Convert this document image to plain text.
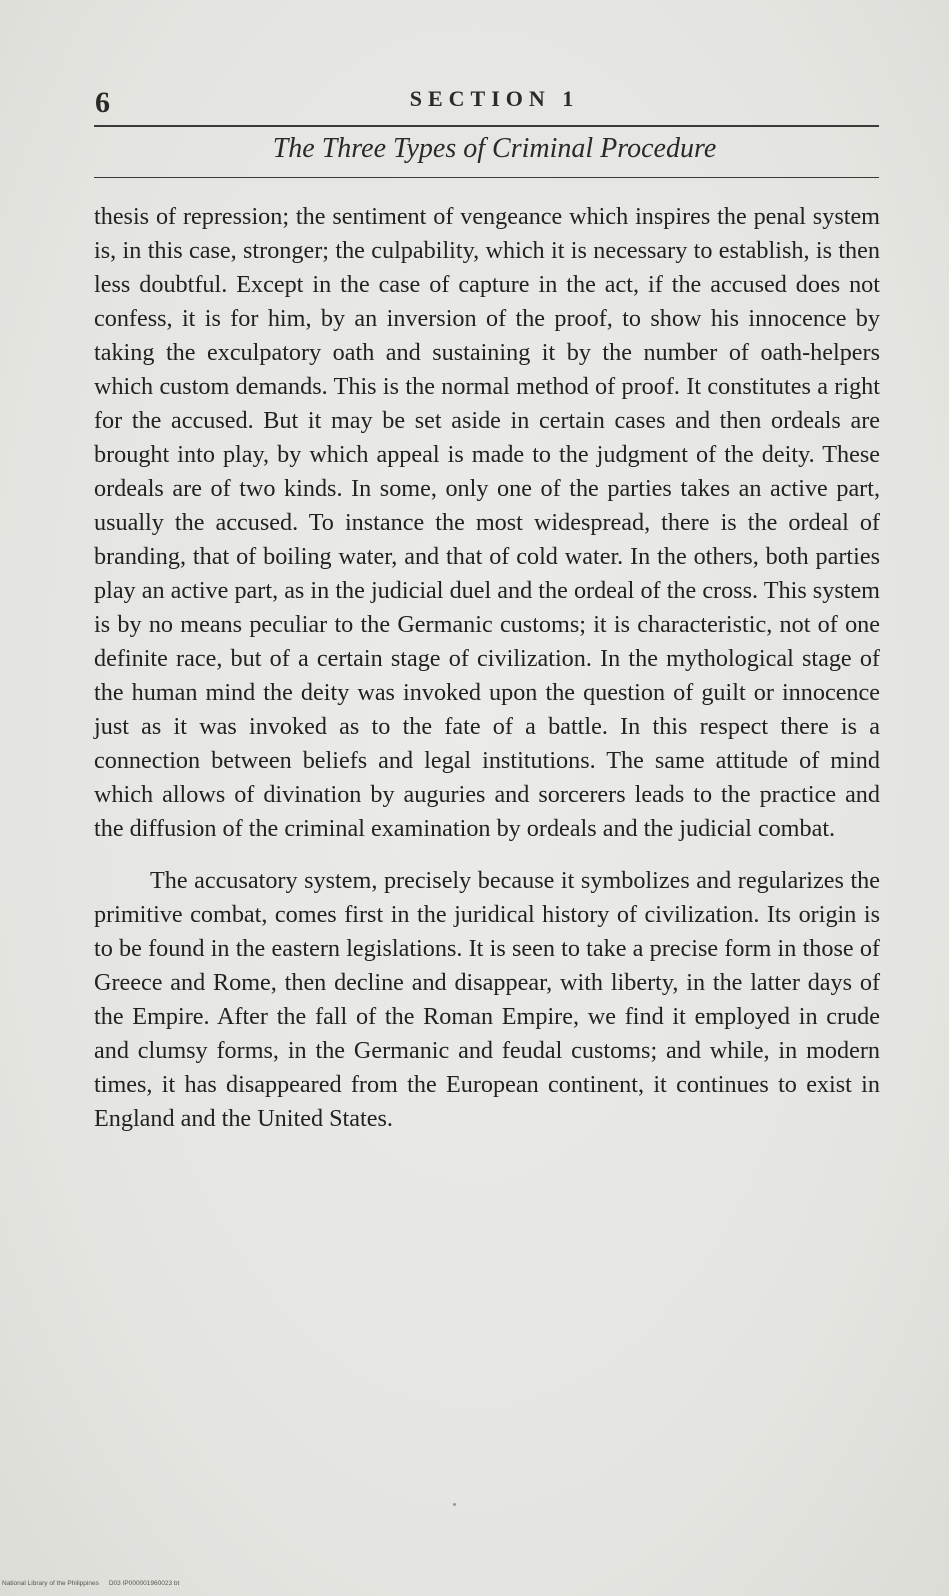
6	SECTION 1
The Three Types of Criminal Procedure

thesis of repression; the sentiment of vengeance which inspires the penal system is, in this case, stronger; the culpability, which it is necessary to establish, is then less doubtful. Except in the case of capture in the act, if the accused does not confess, it is for him, by an inversion of the proof, to show his innocence by taking the exculpatory oath and sustaining it by the number of oath-helpers which custom demands. This is the normal method of proof. It constitutes a right for the accused. But it may be set aside in certain cases and then ordeals are brought into play, by which appeal is made to the judgment of the deity. These ordeals are of two kinds. In some, only one of the parties takes an active part, usually the accused. To instance the most widespread, there is the ordeal of branding, that of boiling water, and that of cold water. In the others, both parties play an active part, as in the judicial duel and the ordeal of the cross. This system is by no means peculiar to the Germanic customs; it is characteristic, not of one definite race, but of a certain stage of civilization. In the mythological stage of the human mind the deity was invoked upon the question of guilt or innocence just as it was invoked as to the fate of a battle. In this respect there is a connection between beliefs and legal institutions. The same attitude of mind which allows of divination by auguries and sorcerers leads to the practice and the diffusion of the criminal examination by ordeals and the judicial combat.

The accusatory system, precisely because it symbolizes and regularizes the primitive combat, comes first in the juridical history of civilization. Its origin is to be found in the eastern legislations. It is seen to take a precise form in those of Greece and Rome, then decline and disappear, with liberty, in the latter days of the Empire. After the fall of the Roman Empire, we find it employed in crude and clumsy forms, in the Germanic and feudal customs; and while, in modern times, it has disappeared from the European continent, it continues to exist in England and the United States.

National Library of the Philippines D03 IP000001960023 bt
